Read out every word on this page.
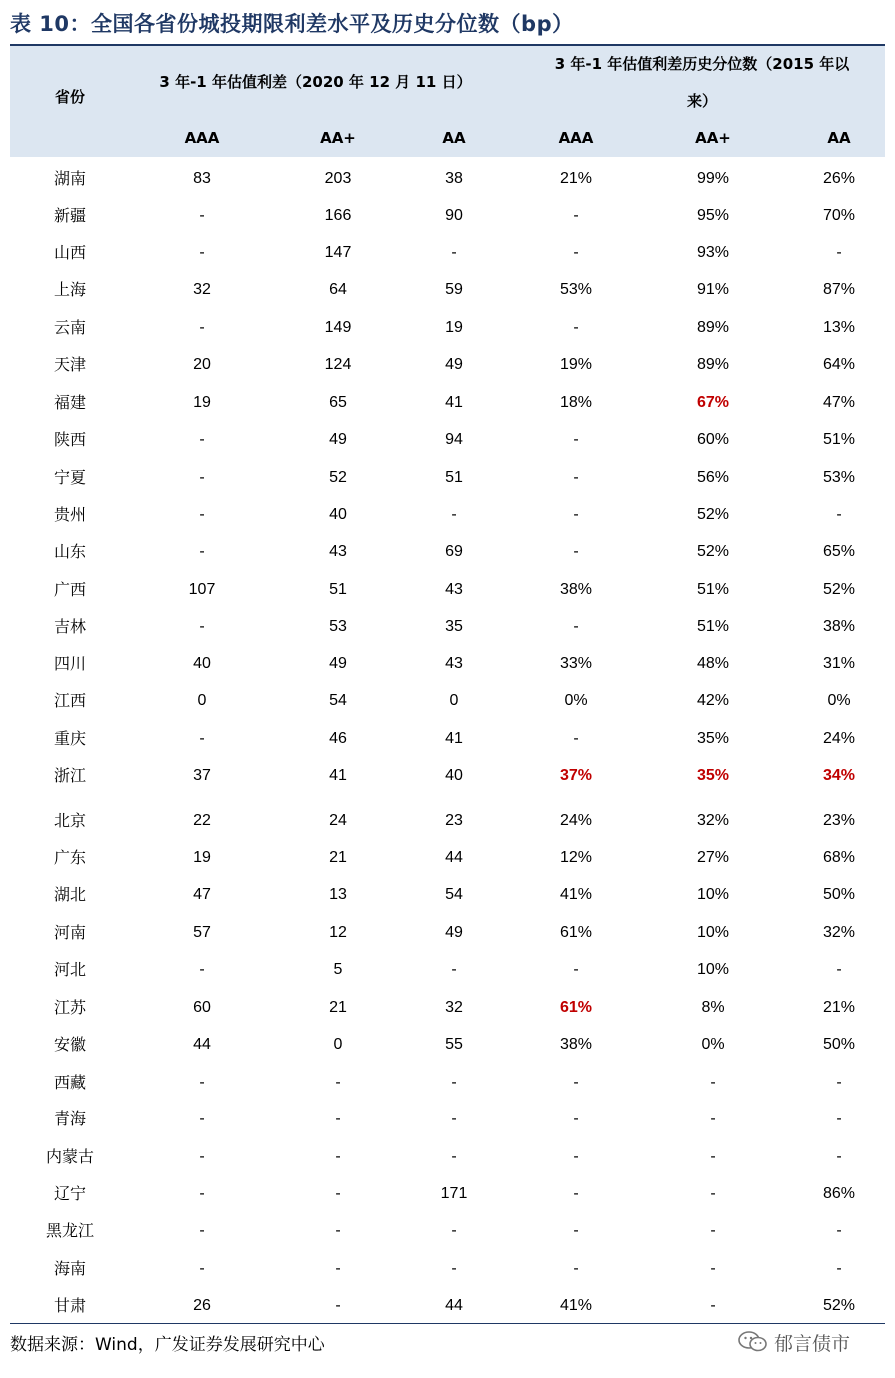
表 10：全国各省份城投期限利差水平及历史分位数（bp）
省份
3 年-1 年估值利差（2020 年 12 月 11 日）
3 年-1 年估值利差历史分位数（2015 年以
来）
AAA	AA+	AA	AAA	AA+	AA
湖南	83	203	38	21%	99%	26%
新疆	-	166	90	-	95%	70%
山西	-	147	-	-	93%	-
上海	32	64	59	53%	91%	87%
云南	-	149	19	-	89%	13%
天津	20	124	49	19%	89%	64%
福建	19	65	41	18%	67%	47%
陕西	-	49	94	-	60%	51%
宁夏	-	52	51	-	56%	53%
贵州	-	40	-	-	52%	-
山东	-	43	69	-	52%	65%
广西	107	51	43	38%	51%	52%
吉林	-	53	35	-	51%	38%
四川	40	49	43	33%	48%	31%
江西	0	54	0	0%	42%	0%
重庆	-	46	41	-	35%	24%
浙江	37	41	40	37%	35%	34%
北京	22	24	23	24%	32%	23%
广东	19	21	44	12%	27%	68%
湖北	47	13	54	41%	10%	50%
河南	57	12	49	61%	10%	32%
河北	-	5	-	-	10%	-
江苏	60	21	32	61%	8%	21%
安徽	44	0	55	38%	0%	50%
西藏	-	-	-	-	-	-
青海	-	-	-	-	-	-
内蒙古	-	-	-	-	-	-
辽宁	-	-	171	-	-	86%
黑龙江	-	-	-	-	-	-
海南	-	-	-	-	-	-
甘肃	26	-	44	41%	-	52%
数据来源：Wind，广发证券发展研究中心	郁言债市
